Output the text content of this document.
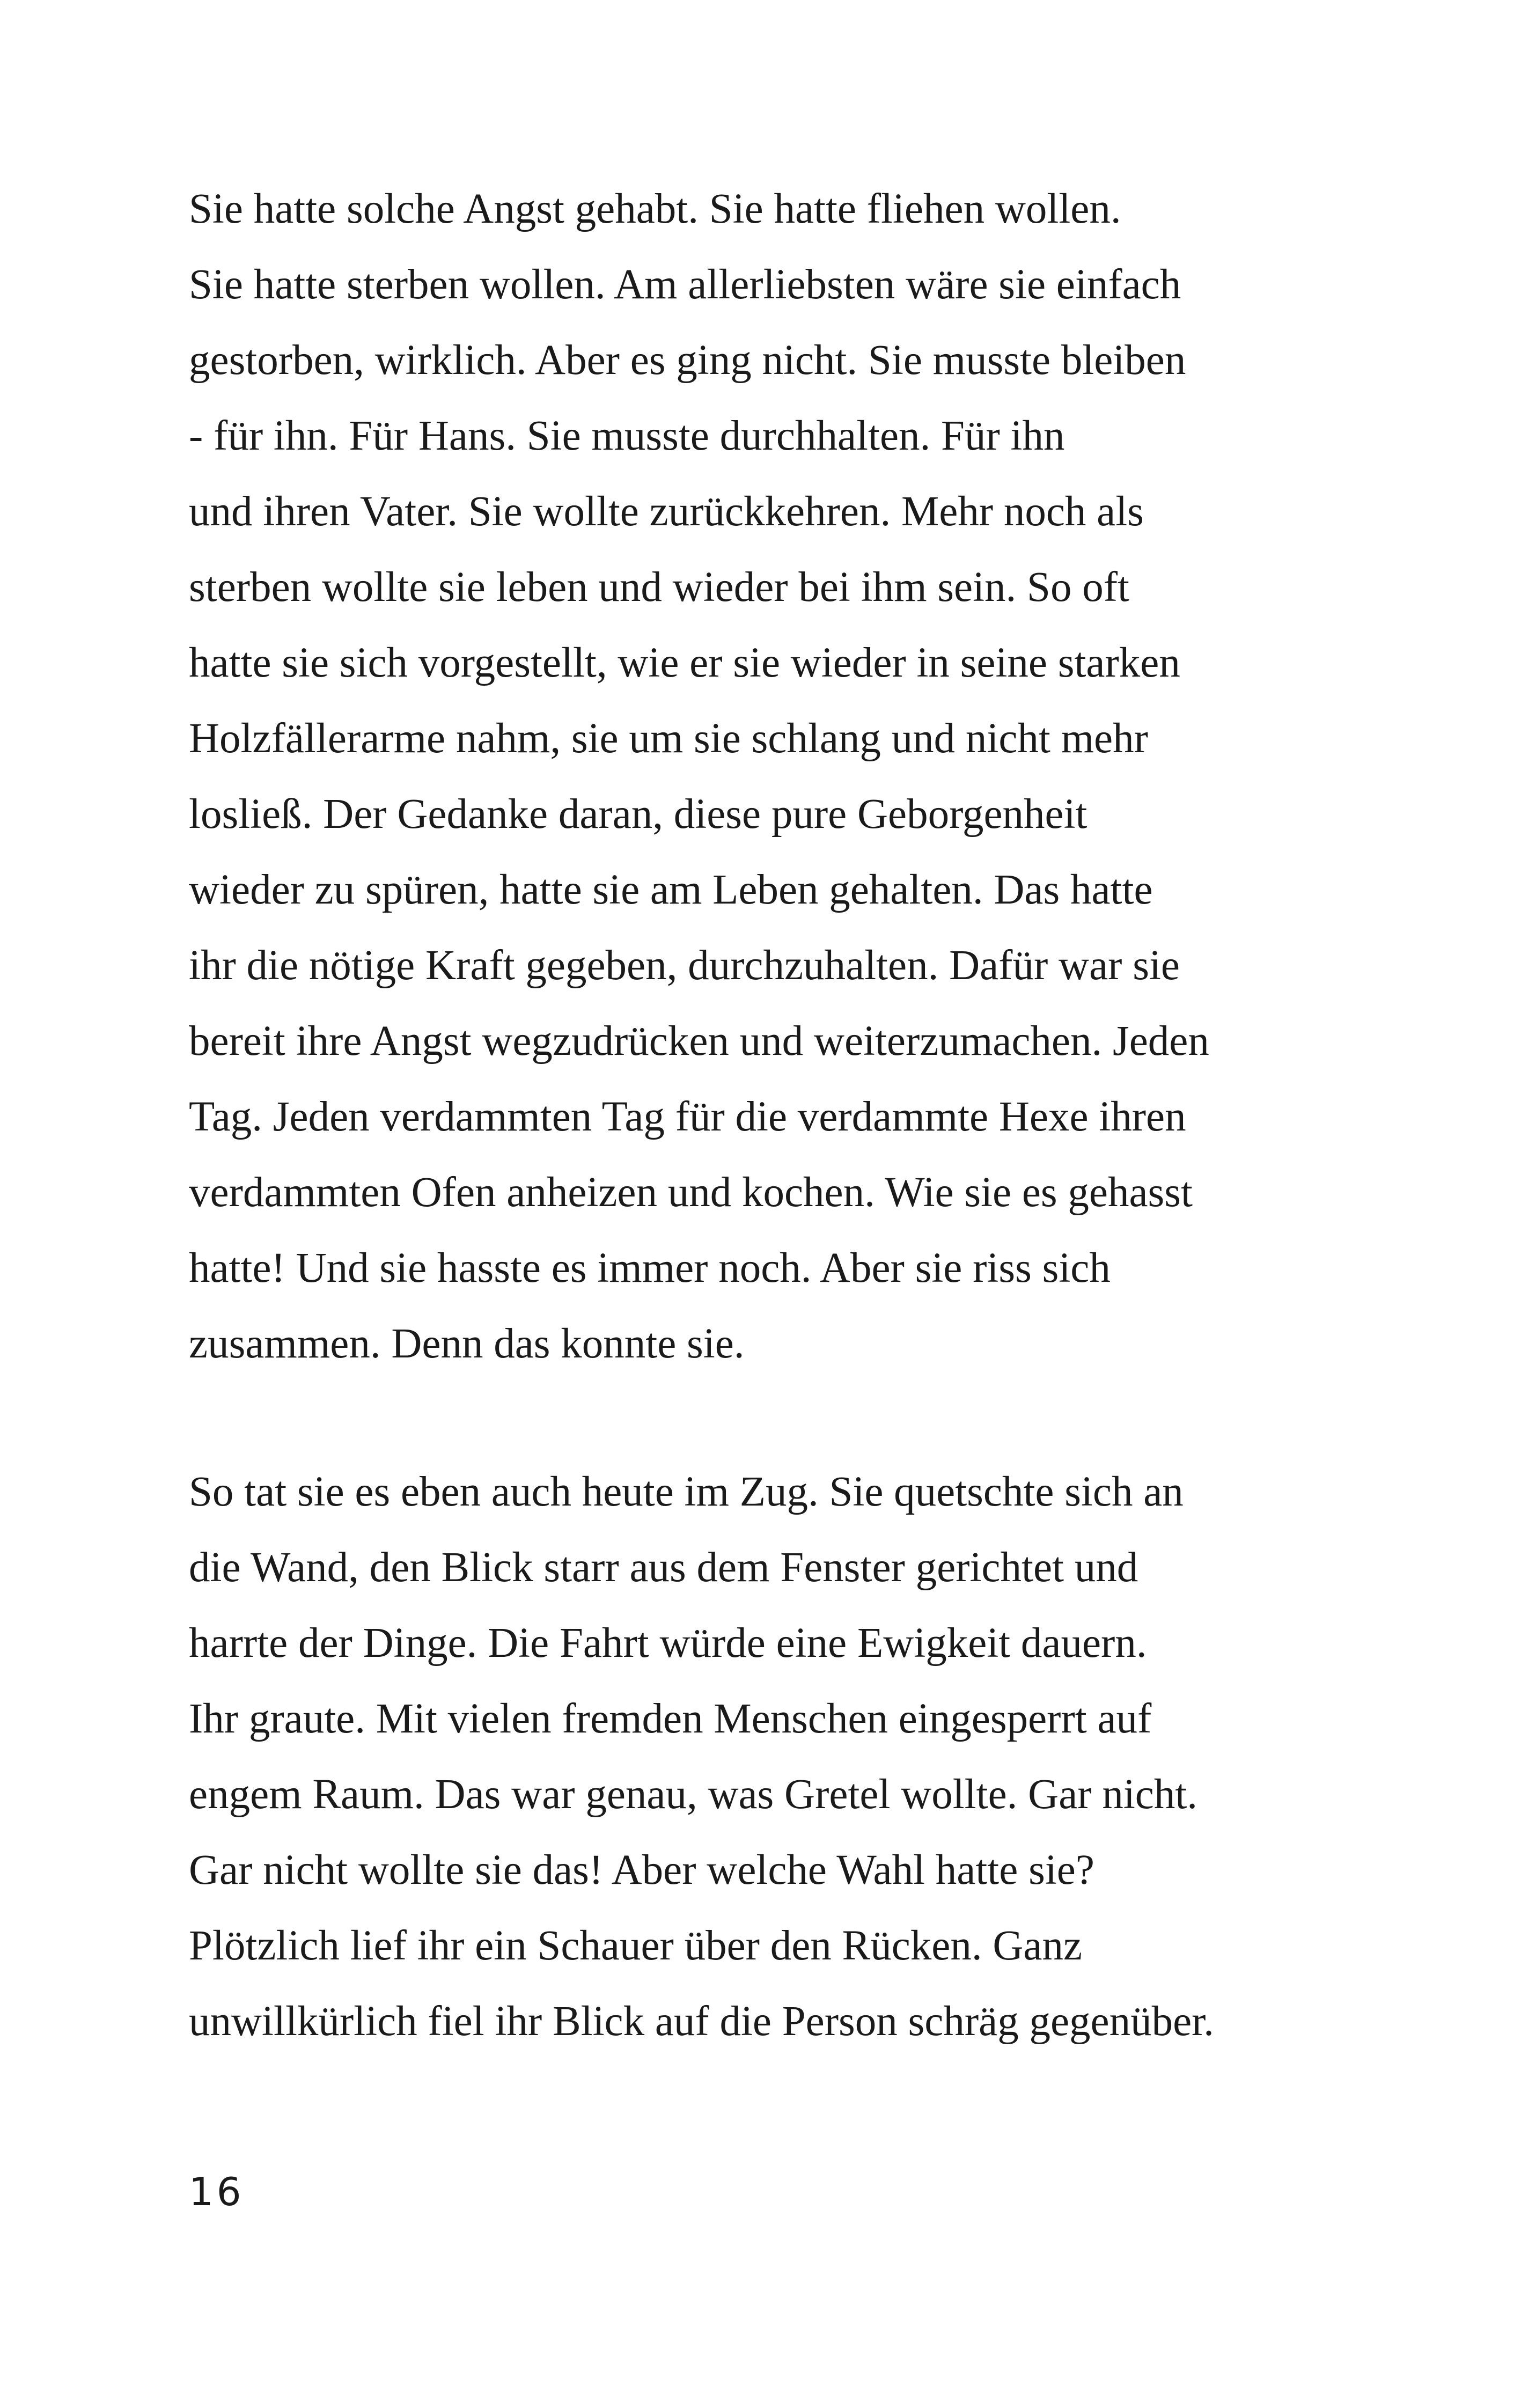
Sie hatte solche Angst gehabt. Sie hatte fliehen wollen.
Sie hatte sterben wollen. Am allerliebsten wäre sie einfach
gestorben, wirklich. Aber es ging nicht. Sie musste bleiben
- für ihn. Für Hans. Sie musste durchhalten. Für ihn
und ihren Vater. Sie wollte zurückkehren. Mehr noch als
sterben wollte sie leben und wieder bei ihm sein. So oft
hatte sie sich vorgestellt, wie er sie wieder in seine starken
Holzfällerarme nahm, sie um sie schlang und nicht mehr
losließ. Der Gedanke daran, diese pure Geborgenheit
wieder zu spüren, hatte sie am Leben gehalten. Das hatte
ihr die nötige Kraft gegeben, durchzuhalten. Dafür war sie
bereit ihre Angst wegzudrücken und weiterzumachen. Jeden
Tag. Jeden verdammten Tag für die verdammte Hexe ihren
verdammten Ofen anheizen und kochen. Wie sie es gehasst
hatte! Und sie hasste es immer noch. Aber sie riss sich
zusammen. Denn das konnte sie.
So tat sie es eben auch heute im Zug. Sie quetschte sich an
die Wand, den Blick starr aus dem Fenster gerichtet und
harrte der Dinge. Die Fahrt würde eine Ewigkeit dauern.
Ihr graute. Mit vielen fremden Menschen eingesperrt auf
engem Raum. Das war genau, was Gretel wollte. Gar nicht.
Gar nicht wollte sie das! Aber welche Wahl hatte sie?
Plötzlich lief ihr ein Schauer über den Rücken. Ganz
unwillkürlich fiel ihr Blick auf die Person schräg gegenüber.
16
